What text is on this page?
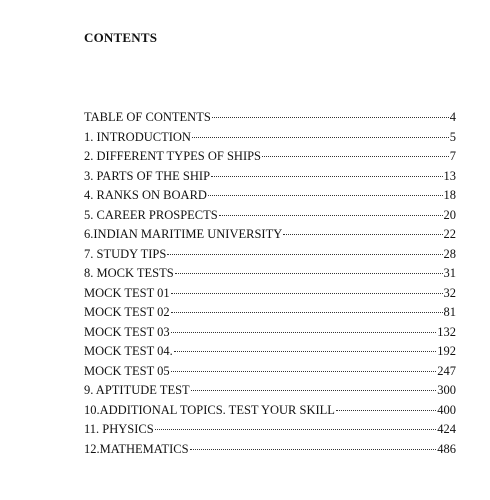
CONTENTS
TABLE OF CONTENTS	4
1. INTRODUCTION	5
2. DIFFERENT TYPES OF SHIPS	7
3. PARTS OF THE SHIP	13
4. RANKS ON BOARD	18
5. CAREER PROSPECTS	20
6.INDIAN MARITIME UNIVERSITY	22
7. STUDY TIPS	28
8. MOCK TESTS	31
MOCK TEST 01	32
MOCK TEST 02	81
MOCK TEST 03	132
MOCK TEST 04.	192
MOCK TEST 05	247
9. APTITUDE TEST	300
10.ADDITIONAL TOPICS. TEST YOUR SKILL	400
11. PHYSICS	424
12.MATHEMATICS	486
